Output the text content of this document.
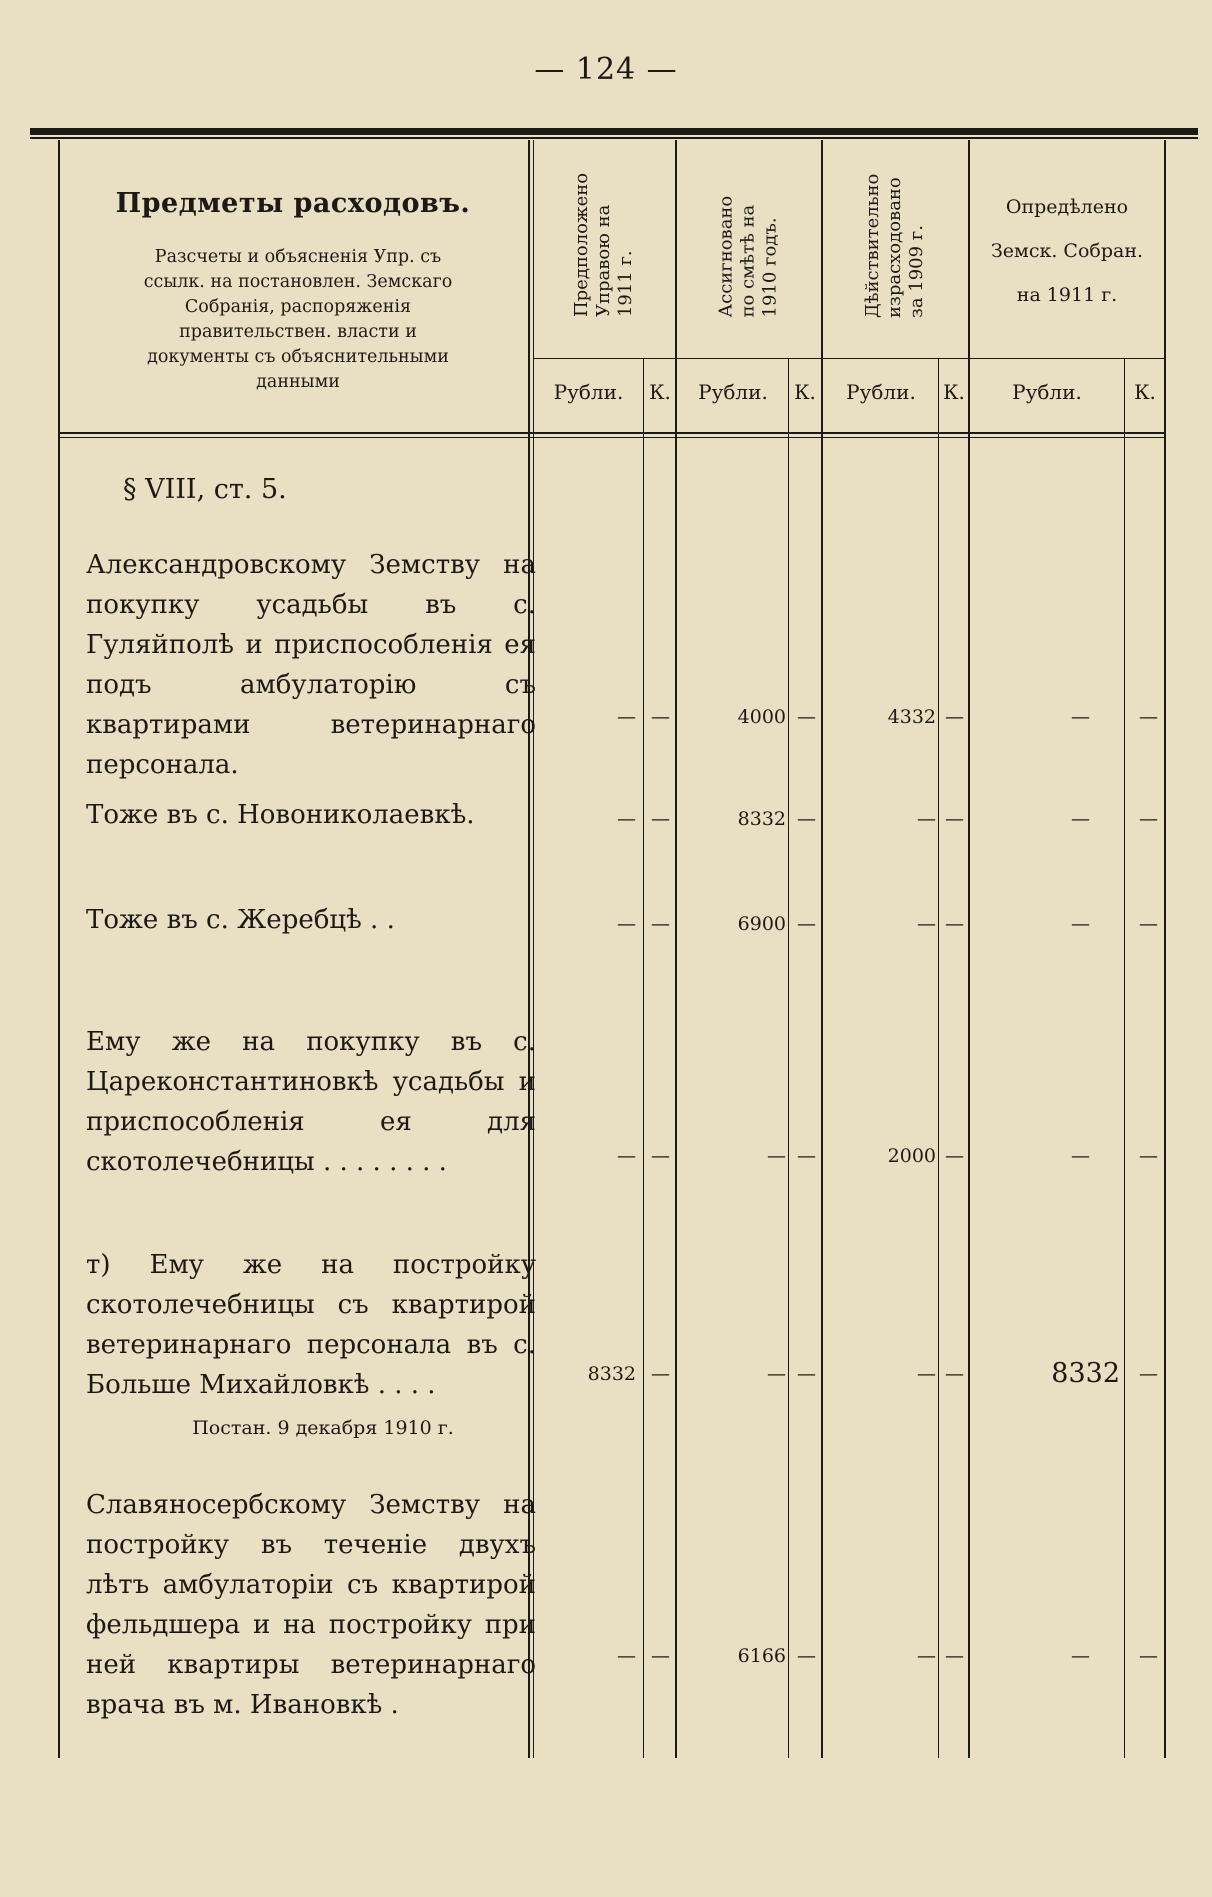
— 124 —
Предметы расходовъ.
Разсчеты и объясненія Упр. съ ссылк. на постановлен. Земскаго Собранія, распоряженія правительствен. власти и документы съ объяснительными данными
Предположено
Управою на
1911 г.	Ассигновано
по смѣтѣ на
1910 годъ.	Дѣйствительно
израсходовано
за 1909 г.
Опредѣлено
Земск. Собран.
на 1911 г.
Рубли.	К.	Рубли.	К.	Рубли.	К.	Рубли.	К.
§ VIII, ст. 5.
Александровскому Земству на покупку усадьбы въ с. Гуляйполѣ и приспособленія ея подъ амбулаторію съ квартирами ветеринарнаго персонала.
— —	4000 —	4332 —	—	—
Тоже въ с. Новониколаевкѣ.	— —	8332 —	— —	—	—
Тоже въ с. Жеребцѣ . .	— —	6900 —	— —	—	—
Ему же на покупку въ с. Цареконстантиновкѣ усадьбы и приспособленія ея для скотолечебницы . . . . . . . .	— —	— —	2000 —	—	—
т) Ему же на постройку скотолечебницы съ квартирой ветеринарнаго персонала въ с. Больше Михайловкѣ . . . .	8332 —	— —	— —	8332	—
Постан. 9 декабря 1910 г.
Славяносербскому Земству на постройку въ теченіе двухъ лѣтъ амбулаторіи съ квартирой фельдшера и на постройку при ней квартиры ветеринарнаго врача въ м. Ивановкѣ .
— —	6166 —	— —	—	—
